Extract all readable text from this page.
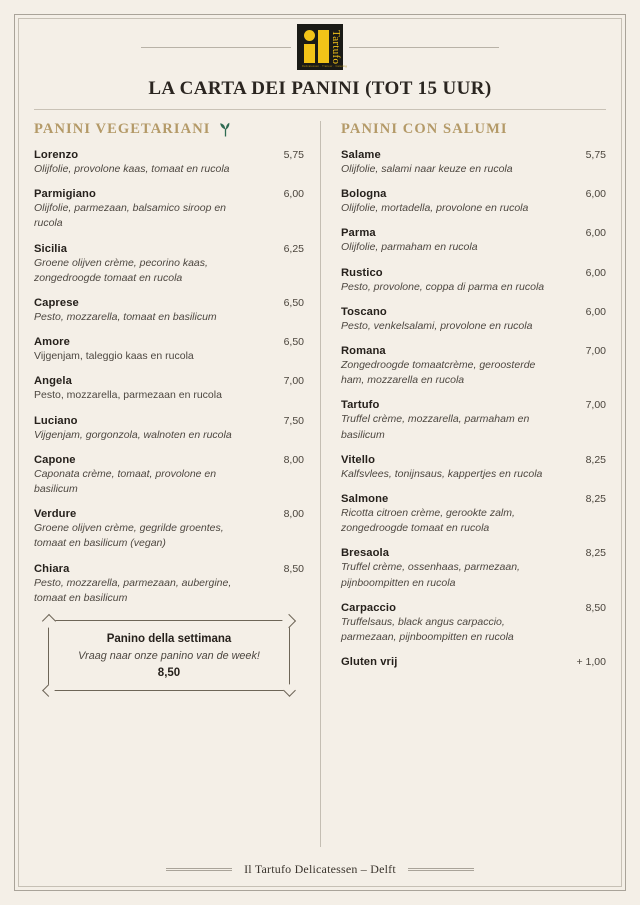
Tartufo
Delicatessen · Traiteur · Catering
LA CARTA DEI PANINI (TOT 15 UUR)
PANINI VEGETARIANI
Lorenzo	5,75
Olijfolie, provolone kaas, tomaat en rucola
Parmigiano	6,00
Olijfolie, parmezaan, balsamico siroop en rucola
Sicilia	6,25
Groene olijven crème, pecorino kaas, zongedroogde tomaat en rucola
Caprese	6,50
Pesto, mozzarella, tomaat en basilicum
Amore	6,50
Vijgenjam, taleggio kaas en rucola
Angela	7,00
Pesto, mozzarella, parmezaan en rucola
Luciano	7,50
Vijgenjam, gorgonzola, walnoten en rucola
Capone	8,00
Caponata crème, tomaat, provolone en basilicum
Verdure	8,00
Groene olijven crème, gegrilde groentes, tomaat en basilicum (vegan)
Chiara	8,50
Pesto, mozzarella, parmezaan, aubergine, tomaat en basilicum
Panino della settimana
Vraag naar onze panino van de week!
8,50
PANINI CON SALUMI
Salame	5,75
Olijfolie, salami naar keuze en rucola
Bologna	6,00
Olijfolie, mortadella, provolone en rucola
Parma	6,00
Olijfolie, parmaham en rucola
Rustico	6,00
Pesto, provolone, coppa di parma en rucola
Toscano	6,00
Pesto, venkelsalami, provolone en rucola
Romana	7,00
Zongedroogde tomaatcrème, geroosterde ham, mozzarella en rucola
Tartufo	7,00
Truffel crème, mozzarella, parmaham en basilicum
Vitello	8,25
Kalfsvlees, tonijnsaus, kappertjes en rucola
Salmone	8,25
Ricotta citroen crème, gerookte zalm, zongedroogde tomaat en rucola
Bresaola	8,25
Truffel crème, ossenhaas, parmezaan, pijnboompitten en rucola
Carpaccio	8,50
Truffelsaus, black angus carpaccio, parmezaan, pijnboompitten en rucola
Gluten vrij	+ 1,00
Il Tartufo Delicatessen – Delft
